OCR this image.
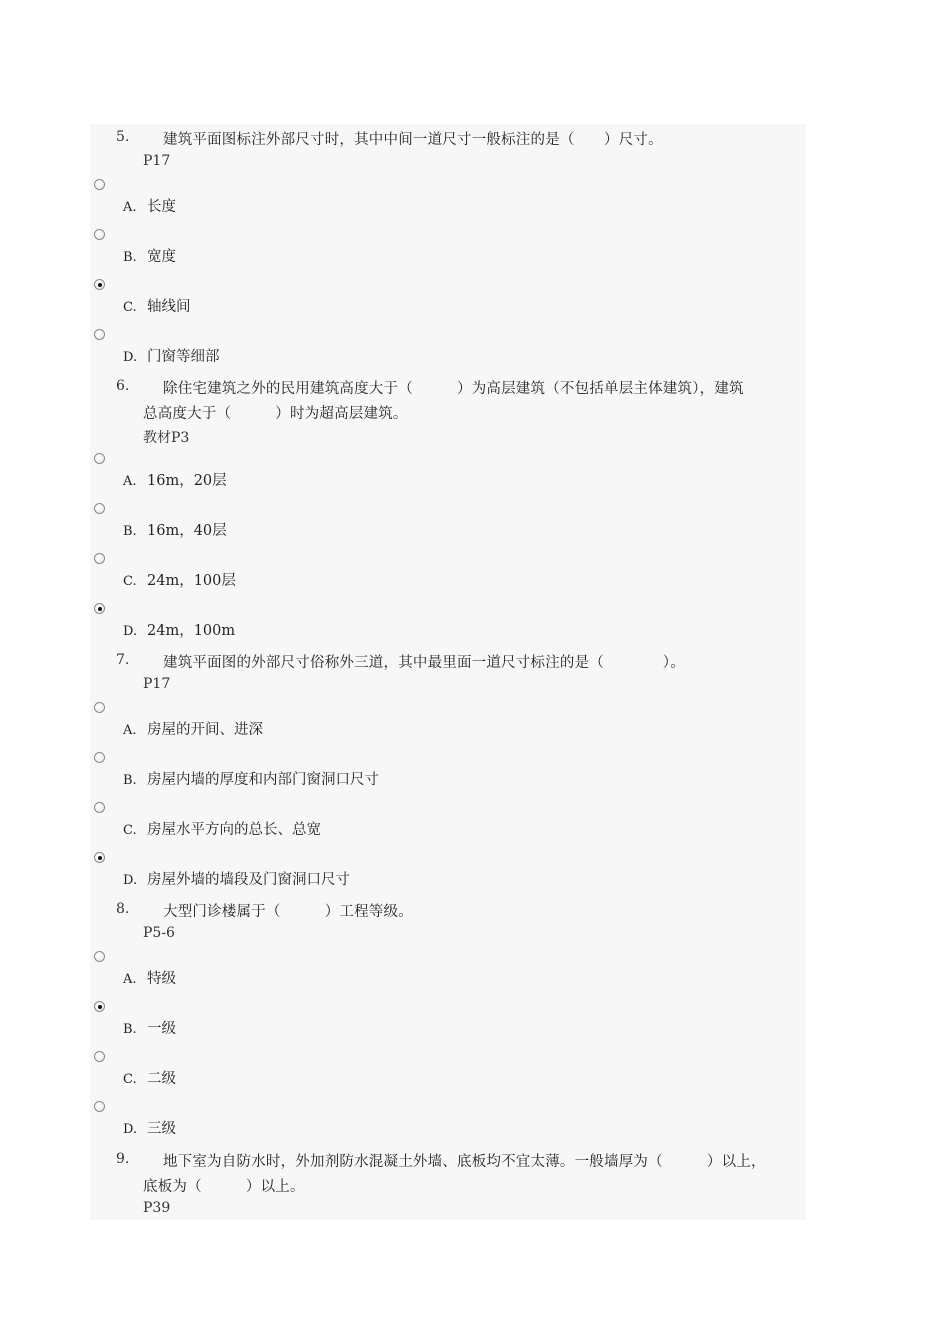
5. 建筑平面图标注外部尺寸时，其中中间一道尺寸一般标注的是（　　）尺寸。
P17
A. 长度
B. 宽度
C. 轴线间
D. 门窗等细部
6. 除住宅建筑之外的民用建筑高度大于（　　　）为高层建筑（不包括单层主体建筑），建筑
总高度大于（　　　）时为超高层建筑。
教材P3
A. 16m，20层
B. 16m，40层
C. 24m，100层
D. 24m，100m
7. 建筑平面图的外部尺寸俗称外三道，其中最里面一道尺寸标注的是（　　　　）。
P17
A. 房屋的开间、进深
B. 房屋内墙的厚度和内部门窗洞口尺寸
C. 房屋水平方向的总长、总宽
D. 房屋外墙的墙段及门窗洞口尺寸
8. 大型门诊楼属于（　　　）工程等级。
P5-6
A. 特级
B. 一级
C. 二级
D. 三级
9. 地下室为自防水时，外加剂防水混凝土外墙、底板均不宜太薄。一般墙厚为（　　　）以上，
底板为（　　　）以上。
P39
